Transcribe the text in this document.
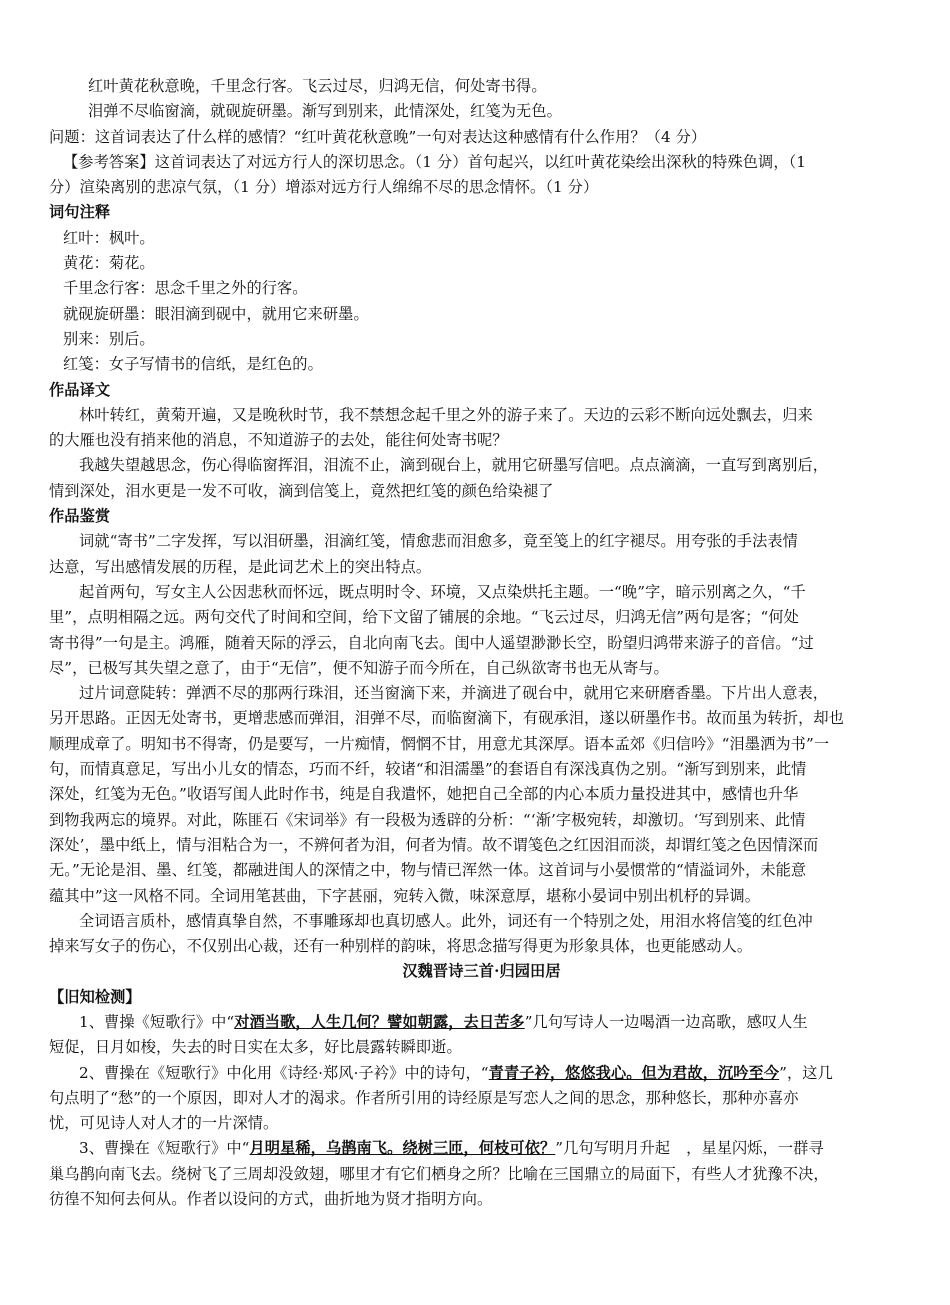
红叶黄花秋意晚，千里念行客。飞云过尽，归鸿无信，何处寄书得。
泪弹不尽临窗滴，就砚旋研墨。渐写到别来，此情深处，红笺为无色。
问题：这首词表达了什么样的感情？“红叶黄花秋意晚”一句对表达这种感情有什么作用？（4 分）
【参考答案】这首词表达了对远方行人的深切思念。（1 分）首句起兴，以红叶黄花染绘出深秋的特殊色调，（1
分）渲染离别的悲凉气氛，（1 分）增添对远方行人绵绵不尽的思念情怀。（1 分）
词句注释
红叶：枫叶。
黄花：菊花。
千里念行客：思念千里之外的行客。
就砚旋研墨：眼泪滴到砚中，就用它来研墨。
别来：别后。
红笺：女子写情书的信纸，是红色的。
作品译文
林叶转红，黄菊开遍，又是晚秋时节，我不禁想念起千里之外的游子来了。天边的云彩不断向远处飘去，归来
的大雁也没有捎来他的消息，不知道游子的去处，能往何处寄书呢？
我越失望越思念，伤心得临窗挥泪，泪流不止，滴到砚台上，就用它研墨写信吧。点点滴滴，一直写到离别后，
情到深处，泪水更是一发不可收，滴到信笺上，竟然把红笺的颜色给染褪了
作品鉴赏
词就“寄书”二字发挥，写以泪研墨，泪滴红笺，情愈悲而泪愈多，竟至笺上的红字褪尽。用夸张的手法表情
达意，写出感情发展的历程，是此词艺术上的突出特点。
起首两句，写女主人公因悲秋而怀远，既点明时令、环境，又点染烘托主题。一“晚”字，暗示别离之久，“千
里”，点明相隔之远。两句交代了时间和空间，给下文留了铺展的余地。“飞云过尽，归鸿无信”两句是客；“何处
寄书得”一句是主。鸿雁，随着天际的浮云，自北向南飞去。闺中人遥望渺渺长空，盼望归鸿带来游子的音信。“过
尽”，已极写其失望之意了，由于“无信”，便不知游子而今所在，自己纵欲寄书也无从寄与。
过片词意陡转：弹洒不尽的那两行珠泪，还当窗滴下来，并滴进了砚台中，就用它来研磨香墨。下片出人意表，
另开思路。正因无处寄书，更增悲感而弹泪，泪弹不尽，而临窗滴下，有砚承泪，遂以研墨作书。故而虽为转折，却也
顺理成章了。明知书不得寄，仍是要写，一片痴情，惘惘不甘，用意尤其深厚。语本孟郊《归信吟》“泪墨洒为书”一
句，而情真意足，写出小儿女的情态，巧而不纤，较诸“和泪濡墨”的套语自有深浅真伪之别。“渐写到别来，此情
深处，红笺为无色。”收语写闺人此时作书，纯是自我遣怀，她把自己全部的内心本质力量投进其中，感情也升华
到物我两忘的境界。对此，陈匪石《宋词举》有一段极为透辟的分析：“‘渐’字极宛转，却激切。‘写到别来、此情
深处’，墨中纸上，情与泪粘合为一，不辨何者为泪，何者为情。故不谓笺色之红因泪而淡，却谓红笺之色因情深而
无。”无论是泪、墨、红笺，都融进闺人的深情之中，物与情已浑然一体。这首词与小晏惯常的“情溢词外，未能意
蕴其中”这一风格不同。全词用笔甚曲，下字甚丽，宛转入微，味深意厚，堪称小晏词中别出机杼的异调。
全词语言质朴，感情真挚自然，不事雕琢却也真切感人。此外，词还有一个特别之处，用泪水将信笺的红色冲
掉来写女子的伤心，不仅别出心裁，还有一种别样的韵味，将思念描写得更为形象具体，也更能感动人。
汉魏晋诗三首·归园田居
【旧知检测】
1、曹操《短歌行》中“对酒当歌，人生几何？譬如朝露，去日苦多”几句写诗人一边喝酒一边高歌，感叹人生
短促，日月如梭，失去的时日实在太多，好比晨露转瞬即逝。
2、曹操在《短歌行》中化用《诗经·郑风·子衿》中的诗句，“青青子衿，悠悠我心。但为君故，沉吟至今”，这几
句点明了“愁”的一个原因，即对人才的渴求。作者所引用的诗经原是写恋人之间的思念，那种悠长，那种亦喜亦
忧，可见诗人对人才的一片深情。
3、曹操在《短歌行》中“月明星稀，乌鹊南飞。绕树三匝，何枝可依？”几句写明月升起 ，星星闪烁，一群寻
巢乌鹊向南飞去。绕树飞了三周却没敛翅，哪里才有它们栖身之所？比喻在三国鼎立的局面下，有些人才犹豫不决，
彷徨不知何去何从。作者以设问的方式，曲折地为贤才指明方向。
